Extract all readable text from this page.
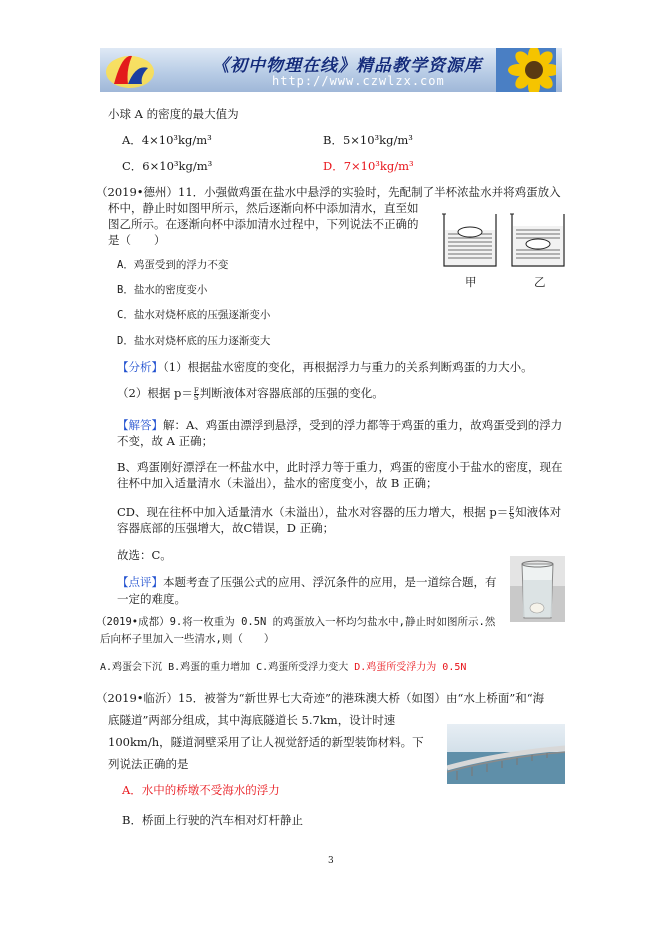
《初中物理在线》精品教学资源库
http://www.czwlzx.com
小球 A 的密度的最大值为
A．4×10³kg/m³	B．5×10³kg/m³
C．6×10³kg/m³	D．7×10³kg/m³
（2019•德州）11．小强做鸡蛋在盐水中悬浮的实验时，先配制了半杯浓盐水并将鸡蛋放入
杯中，静止时如图甲所示，然后逐渐向杯中添加清水，直至如
图乙所示。在逐渐向杯中添加清水过程中，下列说法不正确的
是（　　）
甲	乙
A．鸡蛋受到的浮力不变
B．盐水的密度变小
C．盐水对烧杯底的压强逐渐变小
D．盐水对烧杯底的压力逐渐变大
【分析】（1）根据盐水密度的变化，再根据浮力与重力的关系判断鸡蛋的力大小。
（2）根据 $p= \frac{F}{S}$ 判断液体对容器底部的压强的变化。
【解答】解：A、鸡蛋由漂浮到悬浮，受到的浮力都等于鸡蛋的重力，故鸡蛋受到的浮力
不变，故 A 正确；
B、鸡蛋刚好漂浮在一杯盐水中，此时浮力等于重力，鸡蛋的密度小于盐水的密度，现在
往杯中加入适量清水（未溢出），盐水的密度变小，故 B 正确；
CD、现在往杯中加入适量清水（未溢出），盐水对容器的压力增大，根据 $p= \frac{F}{S}$ 知液体对
容器底部的压强增大，故C错误，D 正确；
故选：C。
【点评】本题考查了压强公式的应用、浮沉条件的应用，是一道综合题，有
一定的难度。
（2019•成都）9.将一枚重为 0.5N 的鸡蛋放入一杯均匀盐水中,静止时如图所示.然
后向杯子里加入一些清水,则（　　）
A.鸡蛋会下沉 B.鸡蛋的重力增加 C.鸡蛋所受浮力变大 D.鸡蛋所受浮力为 0.5N
（2019•临沂）15．被誉为“新世界七大奇迹”的港珠澳大桥（如图）由“水上桥面”和“海
底隧道”两部分组成，其中海底隧道长 5.7km，设计时速
100km/h，隧道洞壁采用了让人视觉舒适的新型装饰材料。下
列说法正确的是
A．水中的桥墩不受海水的浮力
B．桥面上行驶的汽车相对灯杆静止
3
